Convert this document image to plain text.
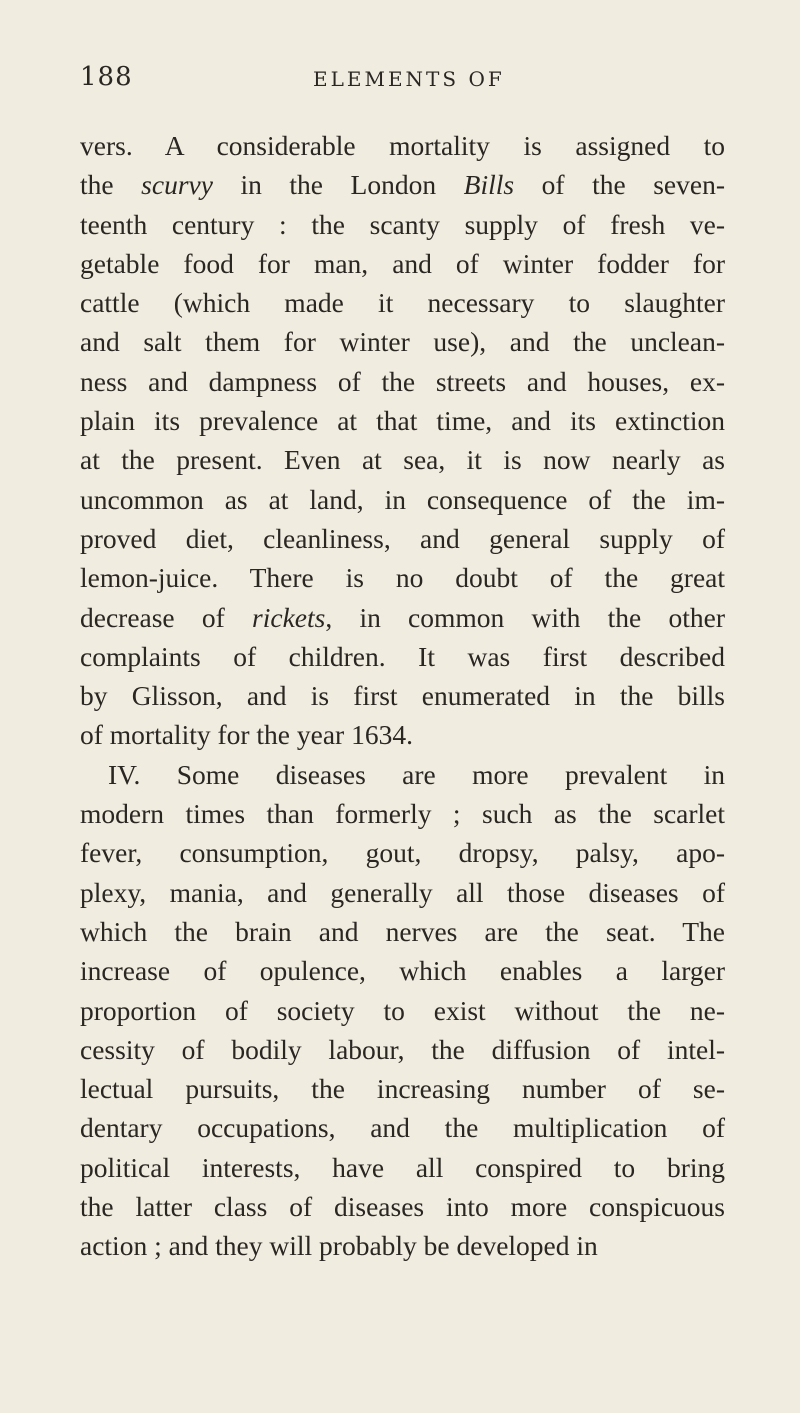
188	ELEMENTS OF
vers. A considerable mortality is assigned to
the scurvy in the London Bills of the seven-
teenth century : the scanty supply of fresh ve-
getable food for man, and of winter fodder for
cattle (which made it necessary to slaughter
and salt them for winter use), and the unclean-
ness and dampness of the streets and houses, ex-
plain its prevalence at that time, and its extinction
at the present. Even at sea, it is now nearly as
uncommon as at land, in consequence of the im-
proved diet, cleanliness, and general supply of
lemon-juice. There is no doubt of the great
decrease of rickets, in common with the other
complaints of children. It was first described
by Glisson, and is first enumerated in the bills
of mortality for the year 1634.
IV. Some diseases are more prevalent in
modern times than formerly ; such as the scarlet
fever, consumption, gout, dropsy, palsy, apo-
plexy, mania, and generally all those diseases of
which the brain and nerves are the seat. The
increase of opulence, which enables a larger
proportion of society to exist without the ne-
cessity of bodily labour, the diffusion of intel-
lectual pursuits, the increasing number of se-
dentary occupations, and the multiplication of
political interests, have all conspired to bring
the latter class of diseases into more conspicuous
action ; and they will probably be developed in
